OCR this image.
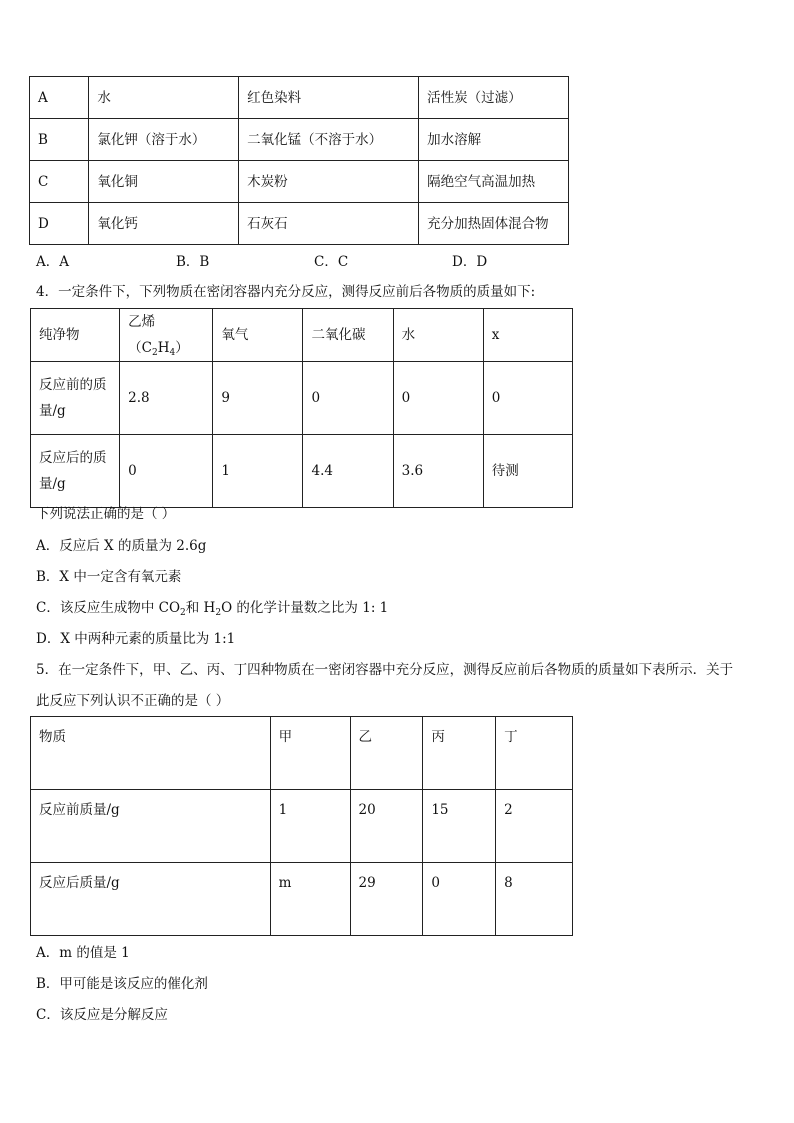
A	水	红色染料	活性炭（过滤）
B	氯化钾（溶于水）	二氧化锰（不溶于水）	加水溶解
C	氧化铜	木炭粉	隔绝空气高温加热
D	氧化钙	石灰石	充分加热固体混合物
A．A	B．B	C．C	D．D
4．一定条件下，下列物质在密闭容器内充分反应，测得反应前后各物质的质量如下:
纯净物	乙烯$(C_2H_4)$	氧气	二氧化碳	水	x
反应前的质量/g	2.8	9	0	0	0
反应后的质量/g	0	1	4.4	3.6	待测
下列说法正确的是（ ）
A．反应后 X 的质量为 2.6g
B．X 中一定含有氧元素
C．该反应生成物中 $CO_2$和 $H_2O$ 的化学计量数之比为 1: 1
D．X 中两种元素的质量比为 1:1
5．在一定条件下，甲、乙、丙、丁四种物质在一密闭容器中充分反应，测得反应前后各物质的质量如下表所示．关于
此反应下列认识不正确的是（ ）
物质	甲	乙	丙	丁
反应前质量/g	1	20	15	2
反应后质量/g	m	29	0	8
A．m 的值是 1
B．甲可能是该反应的催化剂
C．该反应是分解反应
